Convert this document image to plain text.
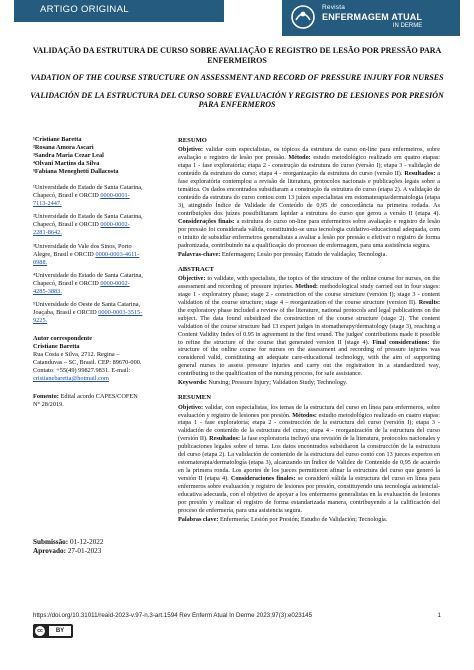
ARTIGO ORIGINAL	Revista
ENFERMAGEM ATUAL
IN DERME
VALIDAÇÃO DA ESTRUTURA DE CURSO SOBRE AVALIAÇÃO E REGISTRO DE LESÃO POR PRESSÃO PARA ENFERMEIROS
VADATION OF THE COURSE STRUCTURE ON ASSESSMENT AND RECORD OF PRESSURE INJURY FOR NURSES
VALIDACIÓN DE LA ESTRUCTURA DEL CURSO SOBRE EVALUACIÓN Y REGISTRO DE LESIONES POR PRESIÓN PARA ENFERMEROS
¹Cristiane Baretta
²Rosana Amora Ascari
³Sandra Maria Cezar Leal
⁴Olvani Martins da Silva
⁵Fabiana Meneghetti Dallacosta

¹Universidade do Estado de Santa Catarina, Chapecó, Brasil e ORCID 0000-0001-7113-2447.

²Universidade do Estado de Santa Catarina, Chapecó, Brasil e ORCID 0000-0002-2281-8642.

³Universidade do Vale dos Sinos, Porto Alegre, Brasil e ORCID 0000-0003-4611-0988.

⁴Universidade do Estado de Santa Catarina, Chapecó, Brasil e ORCID 0000-0002-4285-3883.

⁵Universidade do Oeste de Santa Catarina, Joaçaba, Brasil e ORCID 0000-0003-3515-9225.

Autor correspondente
Cristiane Baretta
Rua Costa e Silva, 2712. Regina – Catanduvas – SC, Brasil. CEP: 89670-000. Contato: +55(49) 99827.9831. E-mail: cristianebaretta@hotmail.com
Fomento: Edital acordo CAPES/COFEN N° 28/2019.
Submissão: 01-12-2022
Aprovado: 27-01-2023
RESUMO

Objetivo: validar com especialistas, os tópicos da estrutura de curso on-line para enfermeiros, sobre avaliação e registro de lesão por pressão. Método: estudo metodológico realizado em quatro etapas: etapa 1 - fase exploratória; etapa 2 - construção da estrutura do curso (versão I); etapa 3 - validação de conteúdo da estrutura do curso; etapa 4 - reorganização da estrutura do curso (versão II). Resultados: a fase exploratória contemplou a revisão de literatura, protocolos nacionais e publicações legais sobre a temática. Os dados encontrados subsidiaram a construção da estrutura do curso (etapa 2). A validação de conteúdo da estrutura do curso contou com 13 juízes especialistas em estomaterapia/dermatologia (etapa 3), atingindo Índice de Validade de Conteúdo de 0,95 de concordância na primeira rodada. As contribuições dos juízes possibilitaram lapidar a estrutura do curso que gerou a versão II (etapa 4). Considerações finais: a estrutura do curso on-line para enfermeiros sobre avaliação e registro de lesão por pressão foi considerada válida, constituindo-se uma tecnologia cuidativo-educacional adequada, com o intuito de subsidiar enfermeiros generalistas a avaliar a lesão por pressão e efetivar o registro de forma padronizada, contribuindo na a qualificação do processo de enfermagem, para uma assistência segura.

Palavras-chave: Enfermagem; Lesão por pressão; Estudo de validação; Tecnologia.

ABSTRACT

Objective: to validate, with specialists, the topics of the structure of the online course for nurses, on the assessment and recording of pressure injuries. Method: methodological study carried out in four stages: stage 1 - exploratory phase; stage 2 - construction of the course structure (version I); stage 3 - content validation of the course structure; stage 4 – reorganization of the course structure (version II). Results: the exploratory phase included a review of the literature, national protocols and legal publications on the subject. The data found subsidized the construction of the course structure (stage 2). The content validation of the course structure had 13 expert judges in stomatherapy/dermatology (stage 3), reaching a Content Validity Index of 0.95 in agreement in the first round. The judges' contributions made it possible to refine the structure of the course that generated version II (stage 4). Final considerations: the structure of the online course for nurses on the assessment and recording of pressure injuries was considered valid, constituting an adequate care-educational technology, with the aim of supporting general nurses to assess pressure injuries and carry out the registration in a standardized way, contributing to the qualification of the nursing process, for safe assistance.

Keywords: Nursing; Pressure Injury; Validation Study; Technology.

RESUMEN

Objetivo: validar, con especialistas, los temas de la estructura del curso en línea para enfermeros, sobre evaluación y registro de lesiones por presión. Métodos: estudio metodológico realizado en cuatro etapas: etapa 1 - fase exploratoria; etapa 2 - construcción de la estructura del curso (versión I); etapa 3 - validación de contenido de la estructura del curso; etapa 4 - reorganización de la estructura del curso (versión II). Resultados: la fase exploratoria incluyó una revisión de la literatura, protocolos nacionales y publicaciones legales sobre el tema. Los datos encontrados subsidiaron la construcción de la estructura del curso (etapa 2). La validación de contenido de la estructura del curso contó con 13 jueces expertos en estomaterapia/dermatología (etapa 3), alcanzando un Índice de Validez de Contenido de 0,95 de acuerdo en la primera ronda. Los aportes de los jueces permitieron afinar la estructura del curso que generó la versión II (etapa 4). Consideraciones finales: se consideró válida la estructura del curso en línea para enfermeros sobre evaluación y registro de lesiones por presión, constituyendo una tecnología asistencial-educativa adecuada, con el objetivo de apoyar a los enfermeros generalistas en la evaluación de lesiones por presión y realizar el registro de forma estandarizada manera, contribuyendo a la calificación del proceso de enfermería, para una asistencia segura.

Palabras clave: Enfermería; Lesión por Presión; Estudio de Validación; Tecnología.

https://doi.org/10.31011/reaid-2023-v.97-n.3-art.1594 Rev Enferm Atual In Derme 2023;97(3):e023145	1
cc	BY
